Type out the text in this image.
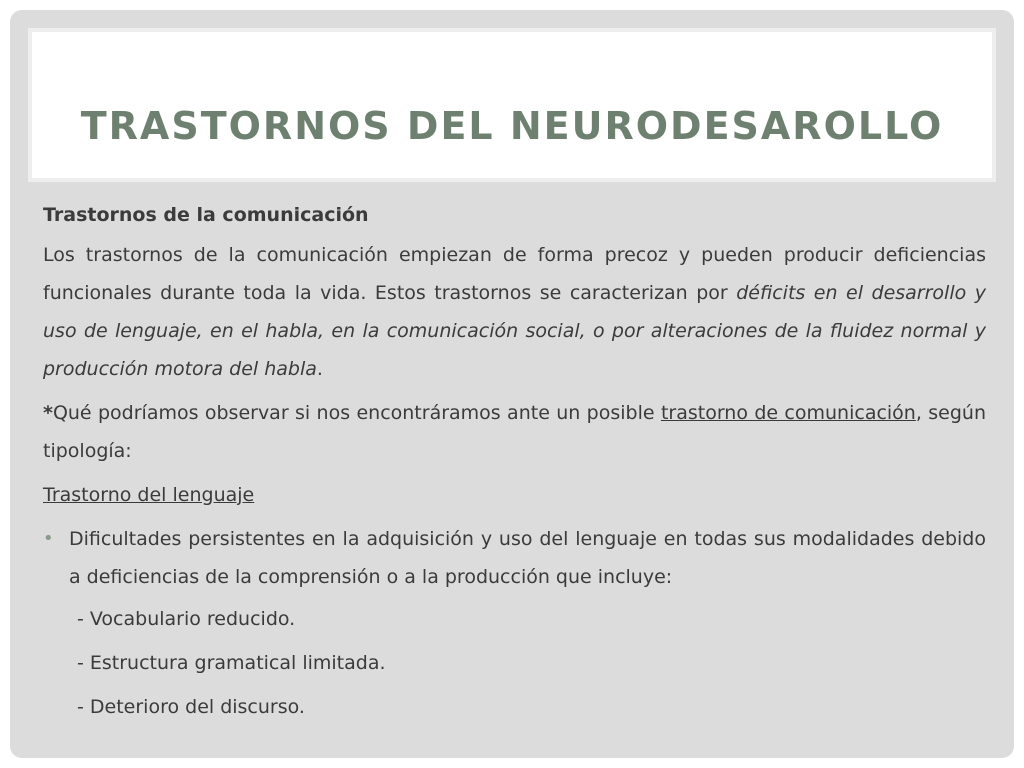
TRASTORNOS DEL NEURODESAROLLO

Trastornos de la comunicación

Los trastornos de la comunicación empiezan de forma precoz y pueden producir deficiencias funcionales durante toda la vida. Estos trastornos se caracterizan por déficits en el desarrollo y uso de lenguaje, en el habla, en la comunicación social, o por alteraciones de la fluidez normal y producción motora del habla.

*Qué podríamos observar si nos encontráramos ante un posible trastorno de comunicación, según tipología:

Trastorno del lenguaje

• Dificultades persistentes en la adquisición y uso del lenguaje en todas sus modalidades debido a deficiencias de la comprensión o a la producción que incluye:

- Vocabulario reducido.

- Estructura gramatical limitada.

- Deterioro del discurso.
